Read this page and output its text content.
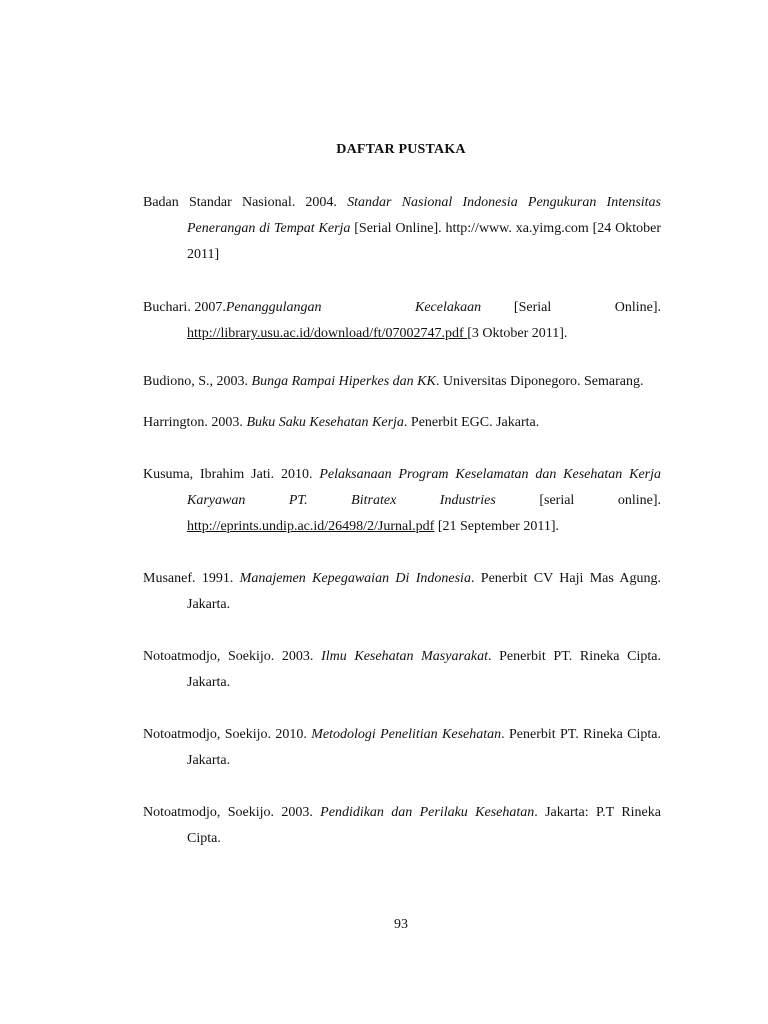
DAFTAR PUSTAKA

Badan Standar Nasional. 2004. Standar Nasional Indonesia Pengukuran Intensitas Penerangan di Tempat Kerja [Serial Online]. http://www. xa.yimg.com [24 Oktober 2011]

Buchari. 2007. Penanggulangan Kecelakaan	[Serial Online].
http://library.usu.ac.id/download/ft/07002747.pdf [3 Oktober 2011].

Budiono, S., 2003. Bunga Rampai Hiperkes dan KK. Universitas Diponegoro. Semarang.

Harrington. 2003. Buku Saku Kesehatan Kerja. Penerbit EGC. Jakarta.

Kusuma, Ibrahim Jati. 2010. Pelaksanaan Program Keselamatan dan Kesehatan Kerja Karyawan PT. Bitratex Industries [serial online]. http://eprints.undip.ac.id/26498/2/Jurnal.pdf [21 September 2011].

Musanef. 1991. Manajemen Kepegawaian Di Indonesia. Penerbit CV Haji Mas Agung. Jakarta.

Notoatmodjo, Soekijo. 2003. Ilmu Kesehatan Masyarakat. Penerbit PT. Rineka Cipta. Jakarta.

Notoatmodjo, Soekijo. 2010. Metodologi Penelitian Kesehatan. Penerbit PT. Rineka Cipta. Jakarta.

Notoatmodjo, Soekijo. 2003. Pendidikan dan Perilaku Kesehatan. Jakarta: P.T Rineka Cipta.

93
